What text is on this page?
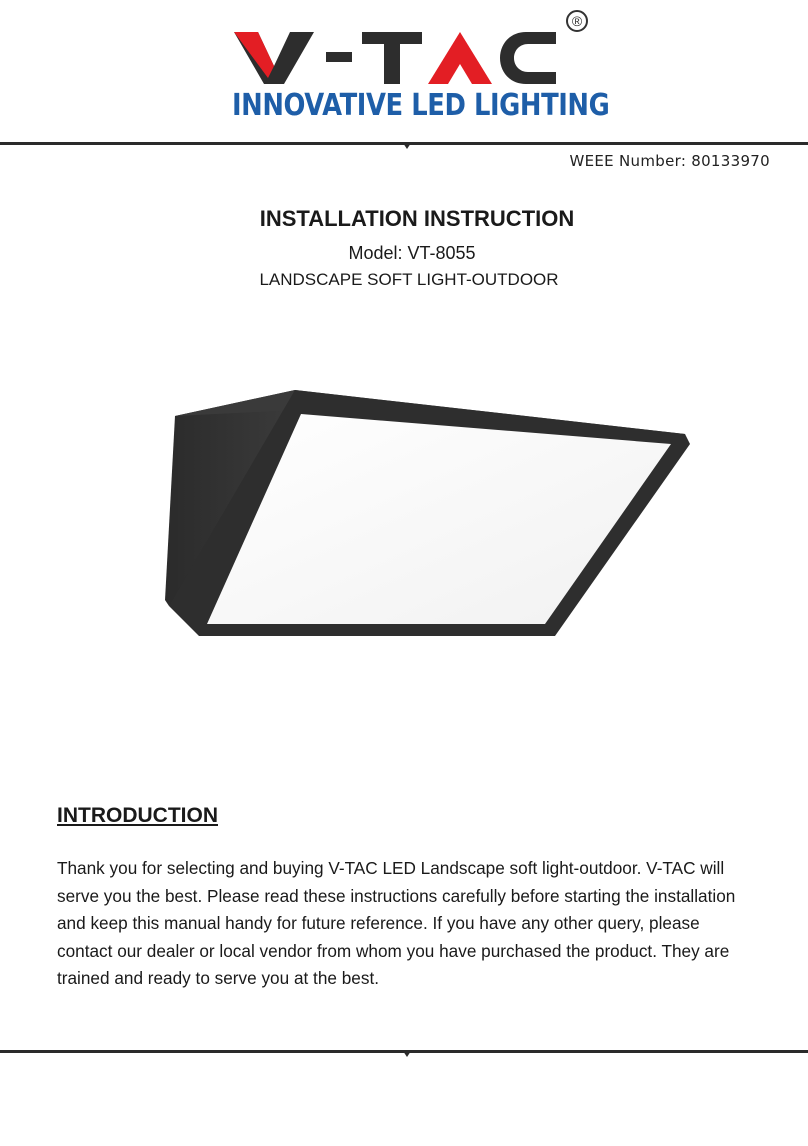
®
INNOVATIVE LED LIGHTING
WEEE Number: 80133970
INSTALLATION INSTRUCTION
Model: VT-8055
LANDSCAPE SOFT LIGHT-OUTDOOR
INTRODUCTION
Thank you for selecting and buying V-TAC LED Landscape soft light-outdoor. V-TAC will serve you the best. Please read these instructions carefully before starting the installation and keep this manual handy for future reference. If you have any other query, please contact our dealer or local vendor from whom you have purchased the product. They are trained and ready to serve you at the best.
